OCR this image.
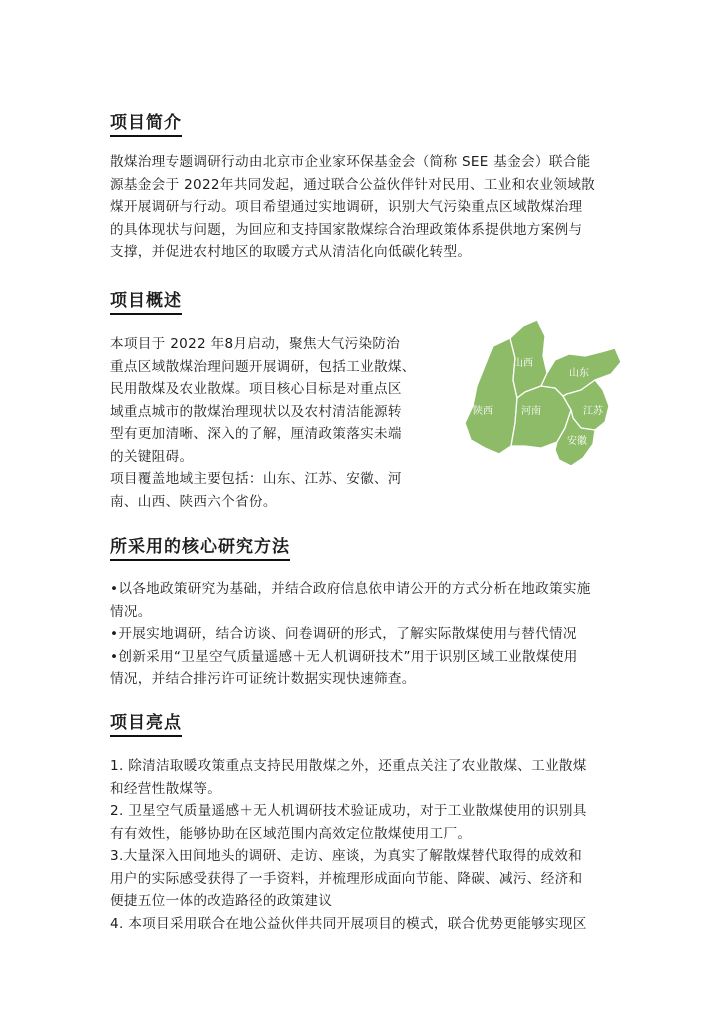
项目简介
散煤治理专题调研行动由北京市企业家环保基金会（简称 SEE 基金会）联合能
源基金会于 2022年共同发起，通过联合公益伙伴针对民用、工业和农业领域散
煤开展调研与行动。项目希望通过实地调研，识别大气污染重点区域散煤治理
的具体现状与问题，为回应和支持国家散煤综合治理政策体系提供地方案例与
支撑，并促进农村地区的取暖方式从清洁化向低碳化转型。
项目概述
本项目于 2022 年8月启动，聚焦大气污染防治
重点区域散煤治理问题开展调研，包括工业散煤、
民用散煤及农业散煤。项目核心目标是对重点区
域重点城市的散煤治理现状以及农村清洁能源转
型有更加清晰、深入的了解，厘清政策落实未端
的关键阻碍。
项目覆盖地域主要包括：山东、江苏、安徽、河
南、山西、陕西六个省份。
山西
山东
陕西	河南	江苏
安徽
所采用的核心研究方法
•以各地政策研究为基础，并结合政府信息依申请公开的方式分析在地政策实施
情况。
•开展实地调研，结合访谈、问卷调研的形式，了解实际散煤使用与替代情况
•创新采用“卫星空气质量遥感＋无人机调研技术”用于识别区域工业散煤使用
情况，并结合排污许可证统计数据实现快速筛查。
项目亮点
1. 除清洁取暖攻策重点支持民用散煤之外，还重点关注了农业散煤、工业散煤
和经营性散煤等。
2. 卫星空气质量遥感＋无人机调研技术验证成功，对于工业散煤使用的识别具
有有效性，能够协助在区域范围内高效定位散煤使用工厂。
3.大量深入田间地头的调研、走访、座谈，为真实了解散煤替代取得的成效和
用户的实际感受获得了一手资料，并梳理形成面向节能、降碳、减污、经济和
便捷五位一体的改造路径的政策建议
4. 本项目采用联合在地公益伙伴共同开展项目的模式，联合优势更能够实现区
